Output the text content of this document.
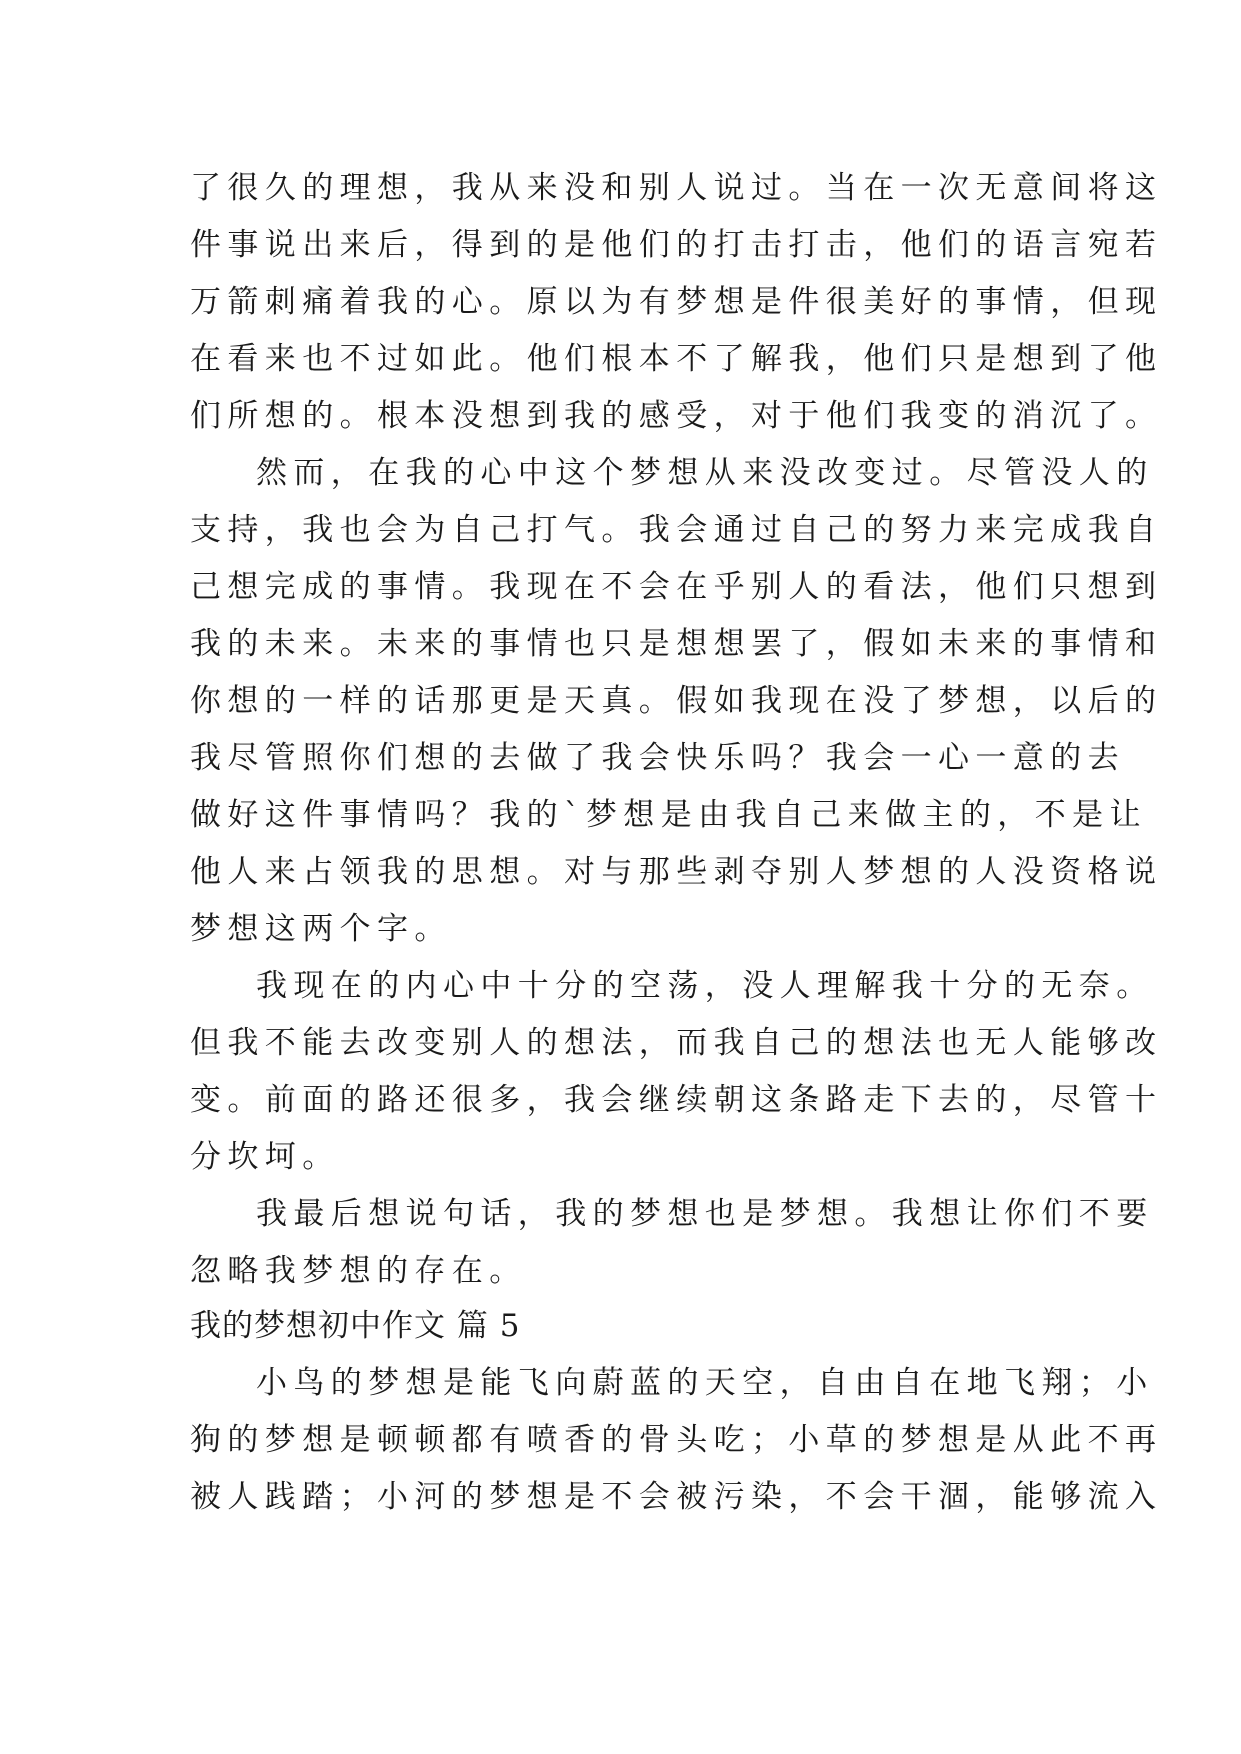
了很久的理想，我从来没和别人说过。当在一次无意间将这
件事说出来后，得到的是他们的打击打击，他们的语言宛若
万箭刺痛着我的心。原以为有梦想是件很美好的事情，但现
在看来也不过如此。他们根本不了解我，他们只是想到了他
们所想的。根本没想到我的感受，对于他们我变的消沉了。
然而，在我的心中这个梦想从来没改变过。尽管没人的
支持，我也会为自己打气。我会通过自己的努力来完成我自
己想完成的事情。我现在不会在乎别人的看法，他们只想到
我的未来。未来的事情也只是想想罢了，假如未来的事情和
你想的一样的话那更是天真。假如我现在没了梦想，以后的
我尽管照你们想的去做了我会快乐吗？我会一心一意的去
做好这件事情吗？我的`梦想是由我自己来做主的，不是让
他人来占领我的思想。对与那些剥夺别人梦想的人没资格说
梦想这两个字。
我现在的内心中十分的空荡，没人理解我十分的无奈。
但我不能去改变别人的想法，而我自己的想法也无人能够改
变。前面的路还很多，我会继续朝这条路走下去的，尽管十
分坎坷。
我最后想说句话，我的梦想也是梦想。我想让你们不要
忽略我梦想的存在。
我的梦想初中作文 篇 5
小鸟的梦想是能飞向蔚蓝的天空，自由自在地飞翔；小
狗的梦想是顿顿都有喷香的骨头吃；小草的梦想是从此不再
被人践踏；小河的梦想是不会被污染，不会干涸，能够流入
